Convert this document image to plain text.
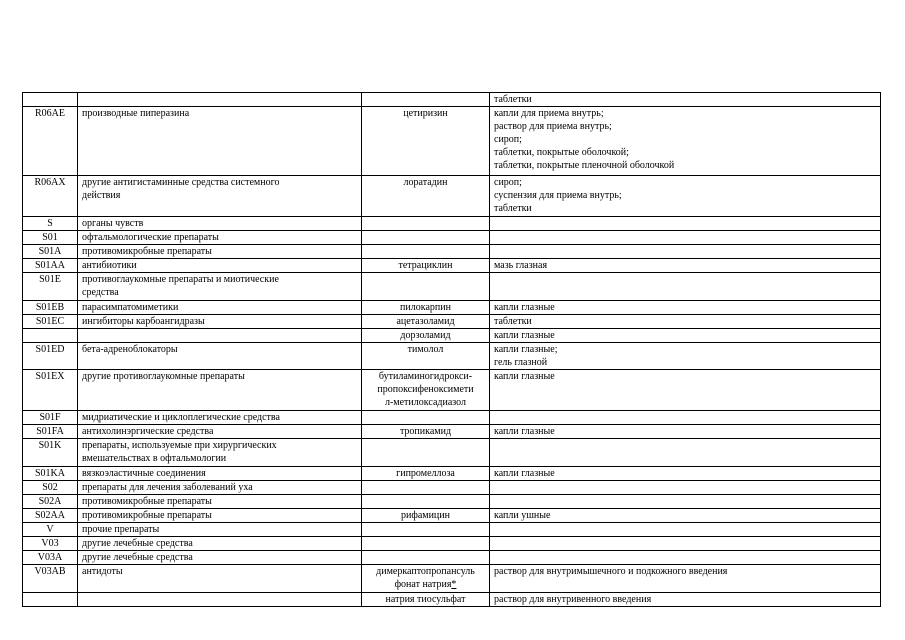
			таблетки
R06AE	производные пиперазина	цетиризин	капли для приема внутрь;
раствор для приема внутрь;
сироп;
таблетки, покрытые оболочкой;
таблетки, покрытые пленочной оболочкой
R06AX	другие антигистаминные средства системного
действия	лоратадин	сироп;
суспензия для приема внутрь;
таблетки
S	органы чувств		
S01	офтальмологические препараты		
S01A	противомикробные препараты		
S01AA	антибиотики	тетрациклин	мазь глазная
S01E	противоглаукомные препараты и миотические
средства		
S01EB	парасимпатомиметики	пилокарпин	капли глазные
S01EC	ингибиторы карбоангидразы	ацетазоламид	таблетки
		дорзоламид	капли глазные
S01ED	бета-адреноблокаторы	тимолол	капли глазные;
гель глазной
S01EX	другие противоглаукомные препараты	бутиламиногидрокси-
пропоксифеноксимети
л-метилоксадиазол	капли глазные
S01F	мидриатические и циклоплегические средства		
S01FA	антихолинэргические средства	тропикамид	капли глазные
S01K	препараты, используемые при хирургических
вмешательствах в офтальмологии		
S01KA	вязкоэластичные соединения	гипромеллоза	капли глазные
S02	препараты для лечения заболеваний уха		
S02A	противомикробные препараты		
S02AA	противомикробные препараты	рифамицин	капли ушные
V	прочие препараты		
V03	другие лечебные средства		
V03A	другие лечебные средства		
V03AB	антидоты	димеркаптопропансуль
фонат натрия*	раствор для внутримышечного и подкожного введения
		натрия тиосульфат	раствор для внутривенного введения
